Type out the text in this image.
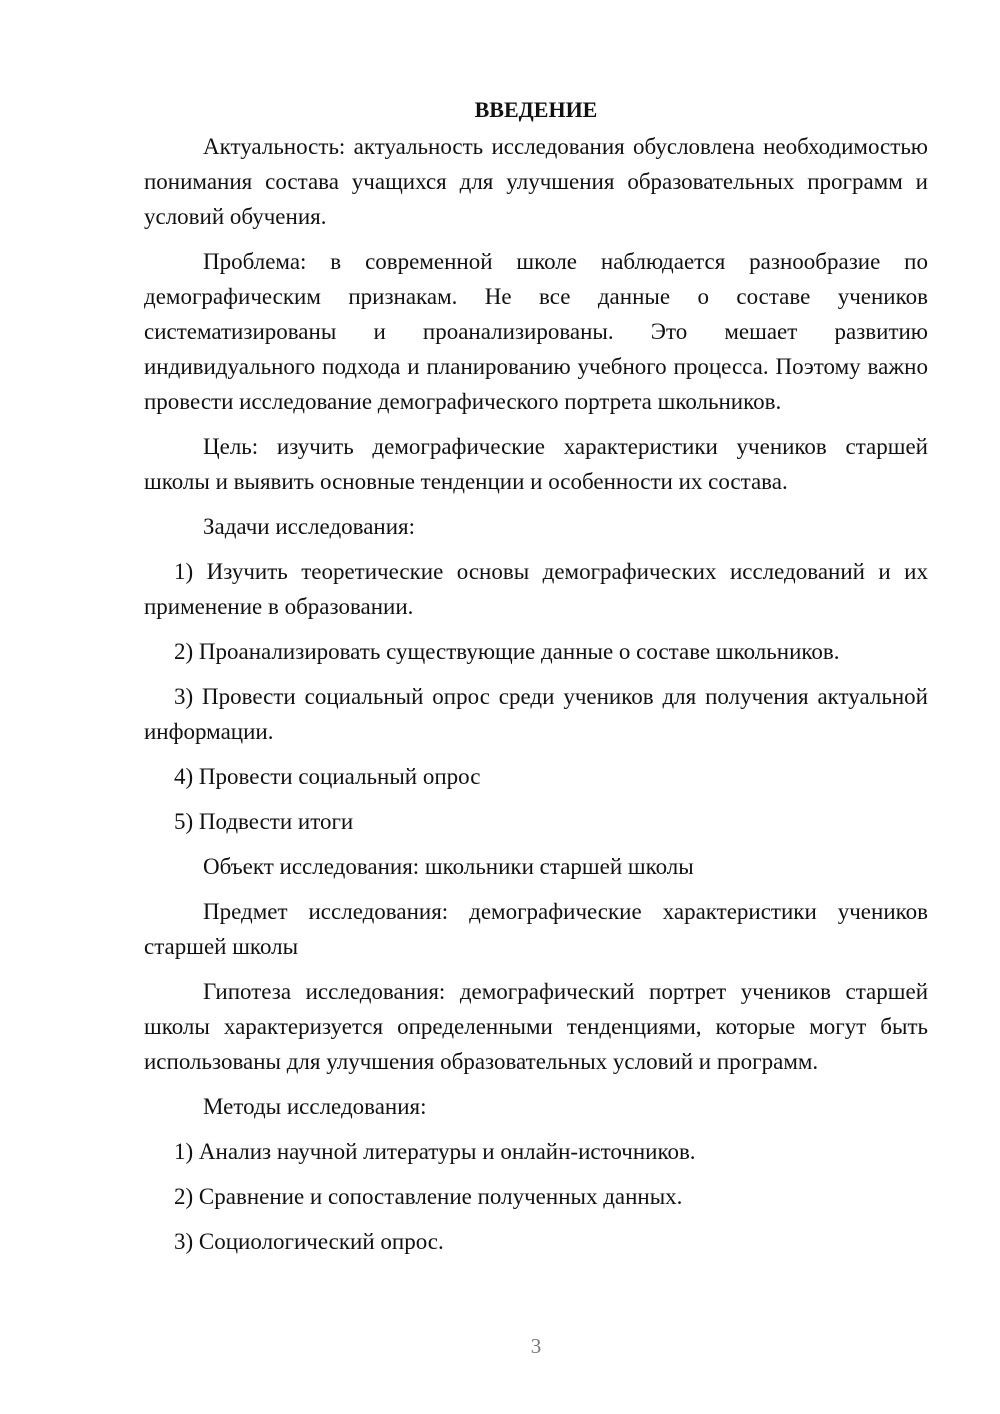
ВВЕДЕНИЕ

Актуальность: актуальность исследования обусловлена необходимостью понимания состава учащихся для улучшения образовательных программ и условий обучения.

Проблема: в современной школе наблюдается разнообразие по демографическим признакам. Не все данные о составе учеников систематизированы и проанализированы. Это мешает развитию индивидуального подхода и планированию учебного процесса. Поэтому важно провести исследование демографического портрета школьников.

Цель: изучить демографические характеристики учеников старшей школы и выявить основные тенденции и особенности их состава.

Задачи исследования:

1) Изучить теоретические основы демографических исследований и их применение в образовании.

2) Проанализировать существующие данные о составе школьников.

3) Провести социальный опрос среди учеников для получения актуальной информации.

4) Провести социальный опрос

5) Подвести итоги

Объект исследования: школьники старшей школы

Предмет исследования: демографические характеристики учеников старшей школы

Гипотеза исследования: демографический портрет учеников старшей школы характеризуется определенными тенденциями, которые могут быть использованы для улучшения образовательных условий и программ.

Методы исследования:

1) Анализ научной литературы и онлайн-источников.

2) Сравнение и сопоставление полученных данных.

3) Социологический опрос.

3
